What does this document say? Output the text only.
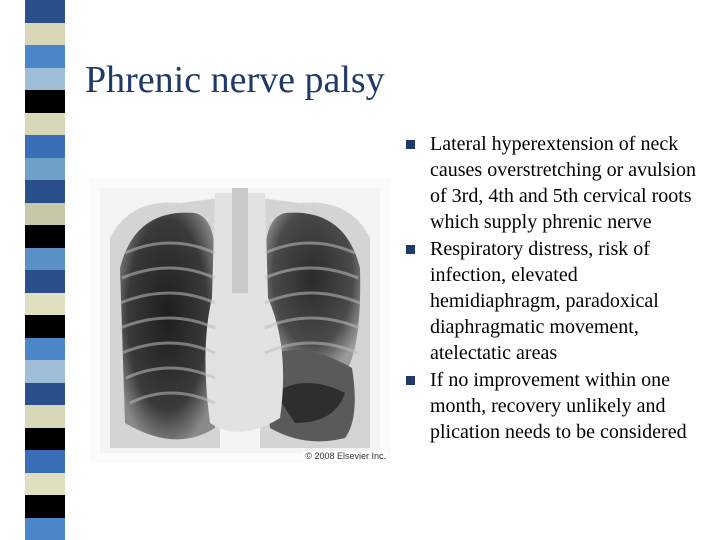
Phrenic nerve palsy
© 2008 Elsevier Inc.
Lateral hyperextension of neck causes overstretching or avulsion of 3rd, 4th and 5th cervical roots which supply phrenic nerve
Respiratory distress, risk of infection, elevated hemidiaphragm, paradoxical diaphragmatic movement, atelectatic areas
If no improvement within one month, recovery unlikely and plication needs to be considered
